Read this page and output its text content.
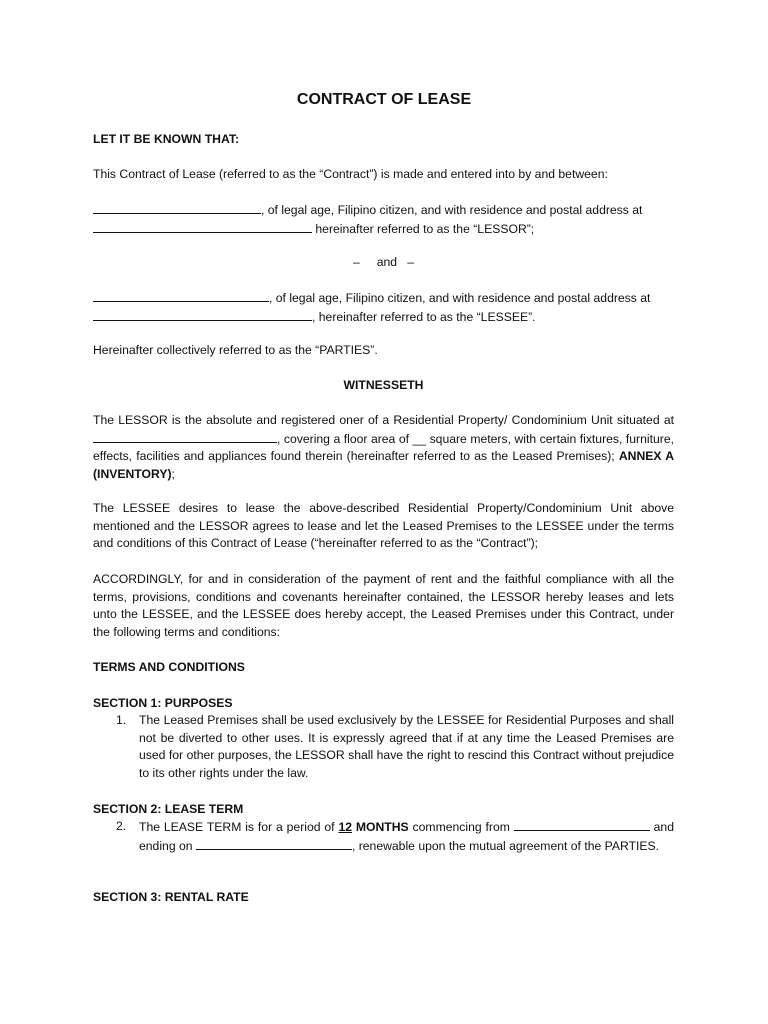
CONTRACT OF LEASE
LET IT BE KNOWN THAT:
This Contract of Lease (referred to as the “Contract”) is made and entered into by and between:
, of legal age, Filipino citizen, and with residence and postal address at
hereinafter referred to as the “LESSOR”;
–     and   –
, of legal age, Filipino citizen, and with residence and postal address at
, hereinafter referred to as the “LESSEE”.
Hereinafter collectively referred to as the “PARTIES”.
WITNESSETH
The LESSOR is the absolute and registered oner of a Residential Property/ Condominium Unit situated at , covering a floor area of __ square meters, with certain fixtures, furniture, effects, facilities and appliances found therein (hereinafter referred to as the Leased Premises); ANNEX A (INVENTORY);
The LESSEE desires to lease the above-described Residential Property/Condominium Unit above mentioned and the LESSOR agrees to lease and let the Leased Premises to the LESSEE under the terms and conditions of this Contract of Lease (“hereinafter referred to as the “Contract”);
ACCORDINGLY, for and in consideration of the payment of rent and the faithful compliance with all the terms, provisions, conditions and covenants hereinafter contained, the LESSOR hereby leases and lets unto the LESSEE, and the LESSEE does hereby accept, the Leased Premises under this Contract, under the following terms and conditions:
TERMS AND CONDITIONS
SECTION 1: PURPOSES
1. The Leased Premises shall be used exclusively by the LESSEE for Residential Purposes and shall not be diverted to other uses. It is expressly agreed that if at any time the Leased Premises are used for other purposes, the LESSOR shall have the right to rescind this Contract without prejudice to its other rights under the law.
SECTION 2: LEASE TERM
2. The LEASE TERM is for a period of 12 MONTHS commencing from	and ending on	, renewable upon the mutual agreement of the PARTIES.
SECTION 3: RENTAL RATE
